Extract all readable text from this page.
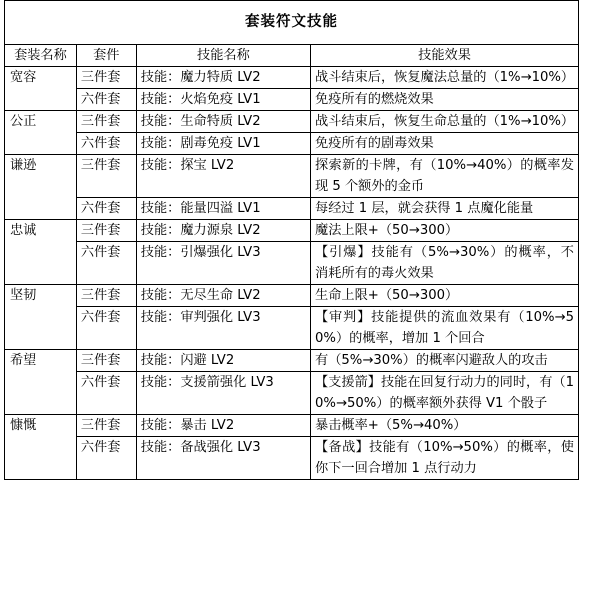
套装符文技能			
套装名称	套件	技能名称	技能效果
宽容	三件套	技能：魔力特质 LV2	战斗结束后，恢复魔法总量的（1%→10%）
	六件套	技能：火焰免疫 LV1	免疫所有的燃烧效果
公正	三件套	技能：生命特质 LV2	战斗结束后，恢复生命总量的（1%→10%）
	六件套	技能：剧毒免疫 LV1	免疫所有的剧毒效果
谦逊	三件套	技能：探宝 LV2	探索新的卡牌，有（10%→40%）的概率发现 5 个额外的金币
	六件套	技能：能量四溢 LV1	每经过 1 层，就会获得 1 点魔化能量
忠诚	三件套	技能：魔力源泉 LV2	魔法上限+（50→300）
	六件套	技能：引爆强化 LV3	【引爆】技能有（5%→30%）的概率，不消耗所有的毒火效果
坚韧	三件套	技能：无尽生命 LV2	生命上限+（50→300）
	六件套	技能：审判强化 LV3	【审判】技能提供的流血效果有（10%→50%）的概率，增加 1 个回合
希望	三件套	技能：闪避 LV2	有（5%→30%）的概率闪避敌人的攻击
	六件套	技能：支援箭强化 LV3	【支援箭】技能在回复行动力的同时，有（10%→50%）的概率额外获得 V1 个骰子
慷慨	三件套	技能：暴击 LV2	暴击概率+（5%→40%）
	六件套	技能：备战强化 LV3	【备战】技能有（10%→50%）的概率，使你下一回合增加 1 点行动力
